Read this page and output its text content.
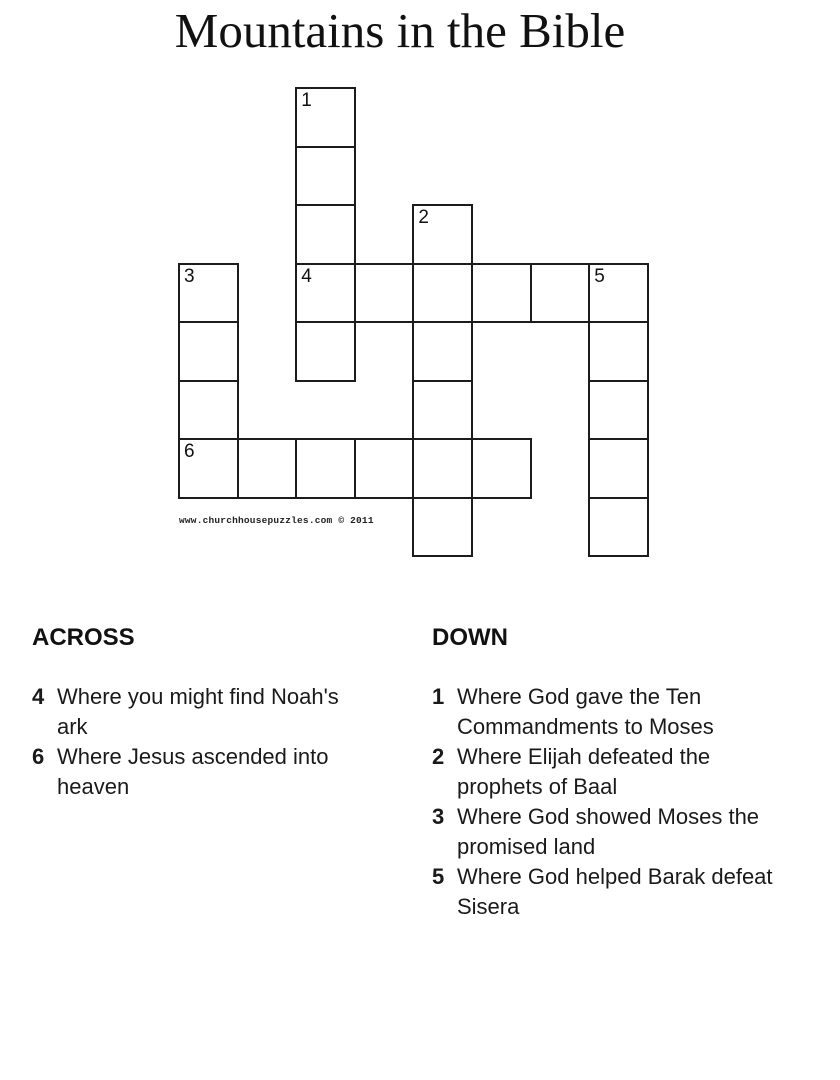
Mountains in the Bible
1
2
3	4	5
6
www.churchhousepuzzles.com © 2011
ACROSS
4 Where you might find Noah's ark
6 Where Jesus ascended into heaven
DOWN
1 Where God gave the Ten Commandments to Moses
2 Where Elijah defeated the prophets of Baal
3 Where God showed Moses the promised land
5 Where God helped Barak defeat Sisera
